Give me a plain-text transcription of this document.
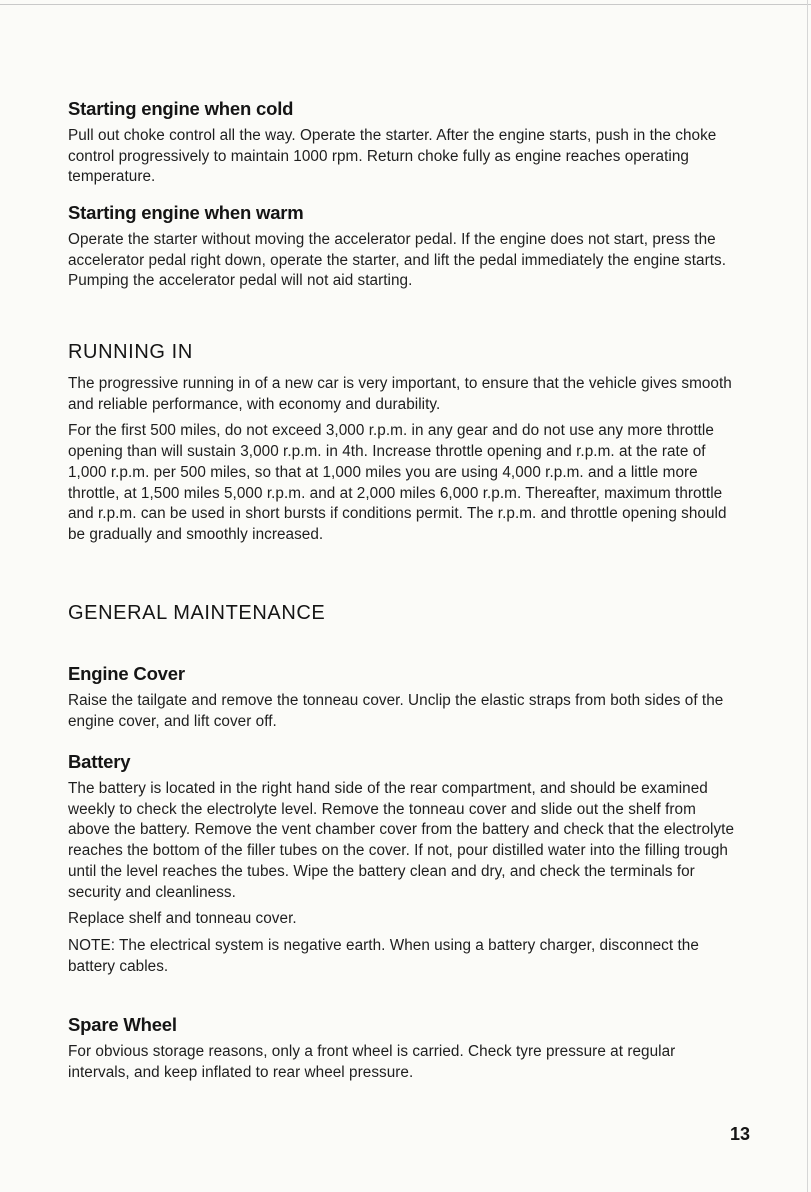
Starting engine when cold

Pull out choke control all the way. Operate the starter. After the engine starts, push in the choke control progressively to maintain 1000 rpm. Return choke fully as engine reaches operating temperature.

Starting engine when warm

Operate the starter without moving the accelerator pedal. If the engine does not start, press the accelerator pedal right down, operate the starter, and lift the pedal immediately the engine starts. Pumping the accelerator pedal will not aid starting.

RUNNING IN

The progressive running in of a new car is very important, to ensure that the vehicle gives smooth and reliable performance, with economy and durability.

For the first 500 miles, do not exceed 3,000 r.p.m. in any gear and do not use any more throttle opening than will sustain 3,000 r.p.m. in 4th. Increase throttle opening and r.p.m. at the rate of 1,000 r.p.m. per 500 miles, so that at 1,000 miles you are using 4,000 r.p.m. and a little more throttle, at 1,500 miles 5,000 r.p.m. and at 2,000 miles 6,000 r.p.m. Thereafter, maximum throttle and r.p.m. can be used in short bursts if conditions permit. The r.p.m. and throttle opening should be gradually and smoothly increased.

GENERAL MAINTENANCE
Engine Cover

Raise the tailgate and remove the tonneau cover. Unclip the elastic straps from both sides of the engine cover, and lift cover off.

Battery

The battery is located in the right hand side of the rear compartment, and should be examined weekly to check the electrolyte level. Remove the tonneau cover and slide out the shelf from above the battery. Remove the vent chamber cover from the battery and check that the electrolyte reaches the bottom of the filler tubes on the cover. If not, pour distilled water into the filling trough until the level reaches the tubes. Wipe the battery clean and dry, and check the terminals for security and cleanliness.

Replace shelf and tonneau cover.

NOTE: The electrical system is negative earth. When using a battery charger, disconnect the battery cables.

Spare Wheel

For obvious storage reasons, only a front wheel is carried. Check tyre pressure at regular intervals, and keep inflated to rear wheel pressure.

13
